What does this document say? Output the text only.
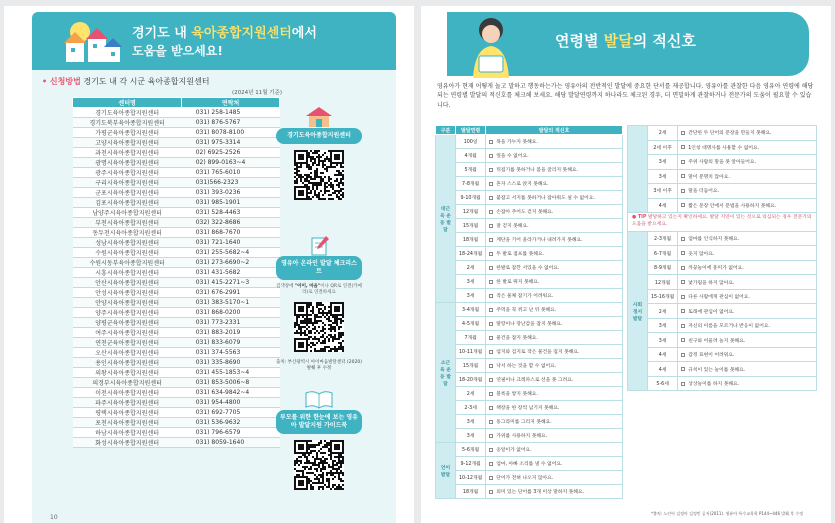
경기도 내 육아종합지원센터에서
도움을 받으세요!
• 신청방법 경기도 내 각 시군 육아종합지원센터
(2024년 11월 기준)
센터명	연락처
경기도육아종합지원센터	031) 258-1485
경기도북부육아종합지원센터	031) 876-5767
가평군육아종합지원센터	031) 8078-8100
고양시육아종합지원센터	031) 975-3314
과천시육아종합지원센터	02) 6925-2526
광명시육아종합지원센터	02) 899-0163~4
광주시육아종합지원센터	031) 765-6010
구리시육아종합지원센터	031)566-2323
군포시육아종합지원센터	031) 393-0236
김포시육아종합지원센터	031) 985-1901
남양주시육아종합지원센터	031) 528-4463
부천시육아종합지원센터	032) 322-8686
동두천시육아종합지원센터	031) 868-7670
성남시육아종합지원센터	031) 721-1640
수원시육아종합지원센터	031) 255-5682~4
수원시동부육아종합지원센터	031) 273-6690~2
시흥시육아종합지원센터	031) 431-5682
안산시육아종합지원센터	031) 415-2271~3
안성시육아종합지원센터	031) 676-2991
안양시육아종합지원센터	031) 383-5170~1
양주시육아종합지원센터	031) 868-0200
양평군육아종합지원센터	031) 773-2331
여주시육아종합지원센터	031) 883-2019
연천군육아종합지원센터	031) 833-6079
오산시육아종합지원센터	031) 374-5563
용인시육아종합지원센터	031) 335-8690
의왕시육아종합지원센터	031) 455-1853~4
의정부시육아종합지원센터	031) 853-5006~8
이천시육아종합지원센터	031) 634-9842~4
파주시육아종합지원센터	031) 954-4800
평택시육아종합지원센터	031) 692-7705
포천시육아종합지원센터	031) 536-9632
하남시육아종합지원센터	031) 796-6579
화성시육아종합지원센터	031) 8059-1640
경기도육아종합지원센터
영유아 온라인 발달 체크리스트
검색창에 "아이, 마음"이나 QR로 연결(카메라)로 연결하세요
출처: 부산광역시 아이마음발달센터 (2020) 발췌 후 수정
부모를 위한 한눈에 보는 영유아 발달지원 가이드북
10
연령별 발달의 적신호
영유아가 현재 어떻게 놀고 말하고 행동하는가는 영유아의 전반적인 발달에 중요한 단서를 제공합니다. 영유아를 관찰한 다음 영유아 연령에 해당되는 연령별 발달의 적신호를 체크해 보세요. 해당 발달연령까지 하나라도 체크된 경우, 더 면밀하게 관찰하거나 전문가의 도움이 필요할 수 있습니다.
구분	발달연령	발달의 적신호
대근육 운동 발달	100일	목을 가누지 못해요.
	4개월	엎을 수 없어요.
	5개월	뒤집기를 못하거나 몸을 굴리지 못해요.
	7-8개월	혼자 스스로 앉지 못해요.
	9-10개월	붙잡고 서지를 못하거나 잡아줘도 설 수 없어요.
	12개월	손잡아 주어도 걷지 못해요.
	15개월	잘 걷지 못해요.
	18개월	계단을 기어 올라가거나 내려가지 못해요.
	18-24개월	두 발로 점프를 못해요.
	2세	한발로 잠깐 서있을 수 없어요.
	3세	한 발로 뛰지 못해요.
	3세	작은 물체 잡기가 어려워요.
소근육 운동 발달	3-4개월	주먹을 꼭 쥐고 난 뒤 못해요.
	4-5개월	딸랑이나 장난감을 잡지 못해요.
	7개월	물건을 잡지 못해요.
	10-11개월	엄지와 검지로 작은 물건을 집지 못해요.
	15개월	낙서 하는 것을 할 수 없어요.
	18-20개월	연필이나 크레파스로 선을 못 그려요.
	2세	블록을 쌓지 못해요.
	2-3세	책장을 한 장씩 넘기지 못해요.
	3세	동그라미를 그리지 못해요.
	3세	가위를 사용하지 못해요.
언어 발달	5-6개월	옹알이가 없어요.
	9-12개월	엄마, 아빠 소리를 낼 수 없어요.
	10-12개월	단어가 전혀 나오지 않아요.
	18개월	의미 있는 단어를 3개 이상 말하지 못해요.
	2세	간단한 두 단어의 문장을 만들지 못해요.
	2세 이후	1인칭 대명사를 사용할 수 없어요.
	3세	주위 사람의 말을 못 알아들어요.
	3세	말이 분명치 않아요.
	3세 이후	말을 더듬어요.
	4세	짧은 문장 안에서 문법을 사용하지 못해요.
● TIP 발달하고 있는지 확인하세요. 발달 지연이 있는 것으로 의심되는 경우 전문가의 도움을 받으세요.		
사회 정서 발달	2-3개월	엄마를 인식하지 못해요.
	6-7개월	웃지 않아요.
	8-9개월	까꿍놀이에 흥미가 없어요.
	12개월	낯가림을 하지 않아요.
	15-16개월	다른 사람에게 관심이 없어요.
	2세	또래에 관심이 없어요.
	3세	자신의 이름을 모르거나 반응이 없어요.
	3세	친구와 어울려 놀지 못해요.
	4세	감정 표현이 어려워요.
	4세	규칙이 있는 놀이를 못해요.
	5-6세	상상놀이를 하지 못해요.
*출처: 노인아 김정아 김정민 공저(2011). 영유아 특수교육학 P144~446 발췌 후 수정
